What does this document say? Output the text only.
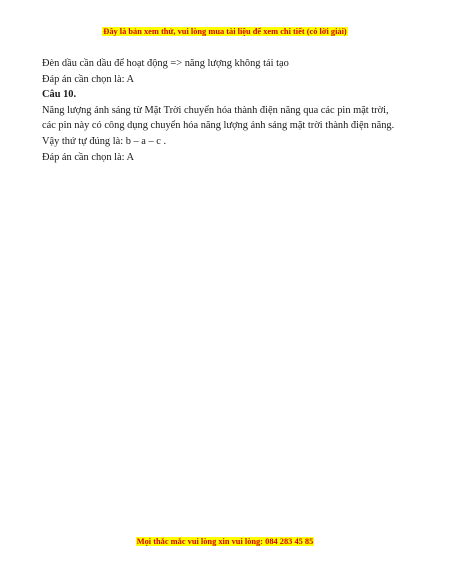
Đây là bản xem thử, vui lòng mua tài liệu để xem chi tiết (có lời giải)

Đèn dầu cần dầu để hoạt động => năng lượng không tái tạo

Đáp án cần chọn là: A

Câu 10.

Năng lượng ánh sáng từ Mặt Trời chuyển hóa thành điện năng qua các pin mặt trời,

các pin này có công dụng chuyển hóa năng lượng ánh sáng mặt trời thành điện năng.

Vậy thứ tự đúng là: b – a – c .

Đáp án cần chọn là: A

Mọi thắc mắc vui lòng xin vui lòng: 084 283 45 85
